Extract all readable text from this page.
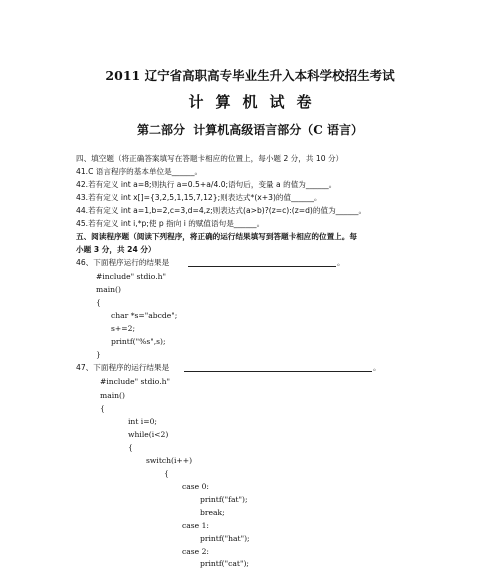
2011 辽宁省高职高专毕业生升入本科学校招生考试
计算机试卷
第二部分  计算机高级语言部分（C 语言）
四、填空题（将正确答案填写在答题卡相应的位置上，每小题 2 分，共 10 分）
41.C 语言程序的基本单位是______。
42.若有定义 int a=8;则执行 a=0.5+a/4.0;语句后，变量 a 的值为______。
43.若有定义 int x[]={3,2,5,1,15,7,12};则表达式*(x+3)的值______。
44.若有定义 int a=1,b=2,c=3,d=4,z;则表达式(a>b)?(z=c):(z=d)的值为______。
45.若有定义 int i,*p;使 p 指向 i 的赋值语句是______。
五、阅读程序题（阅读下列程序，将正确的运行结果填写到答题卡相应的位置上。每
小题 3 分，共 24 分）
46、下面程序运行的结果是	。
#include" stdio.h"
main()
{
char *s="abcde";
s+=2;
printf("%s",s);
}
47、下面程序的运行结果是	。
#include" stdio.h"
main()
{
int i=0;
while(i<2)
{
switch(i++)
{
case 0:
printf("fat");
break;
case 1:
printf("hat");
case 2:
printf("cat");
